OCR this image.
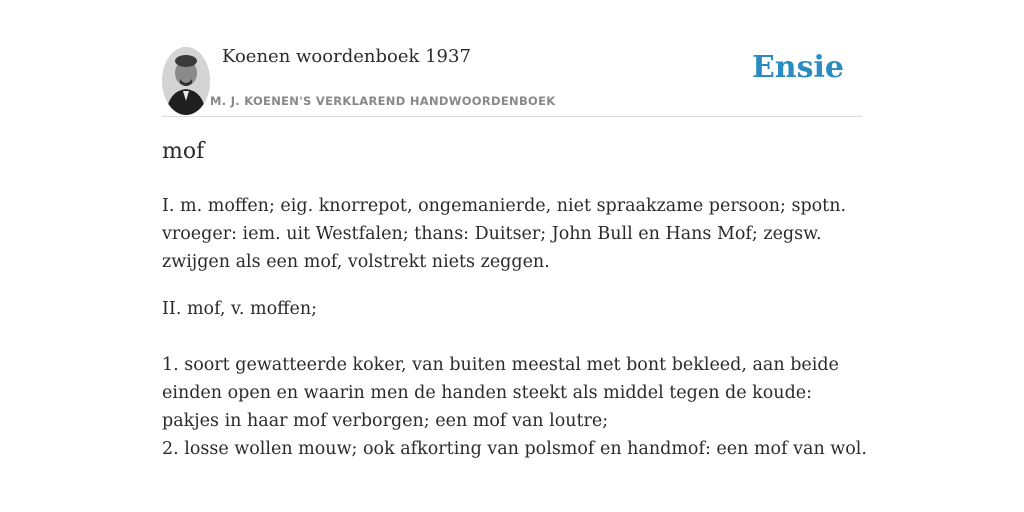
Koenen woordenboek 1937
M. J. KOENEN'S VERKLAREND HANDWOORDENBOEK
Ensie
mof

I. m. moffen; eig. knorrepot, ongemanierde, niet spraakzame persoon; spotn. vroeger: iem. uit Westfalen; thans: Duitser; John Bull en Hans Mof; zegsw. zwijgen als een mof, volstrekt niets zeggen.

II. mof, v. moffen;

1. soort gewatteerde koker, van buiten meestal met bont bekleed, aan beide einden open en waarin men de handen steekt als middel tegen de koude: pakjes in haar mof verborgen; een mof van loutre;
2. losse wollen mouw; ook afkorting van polsmof en handmof: een mof van wol.
